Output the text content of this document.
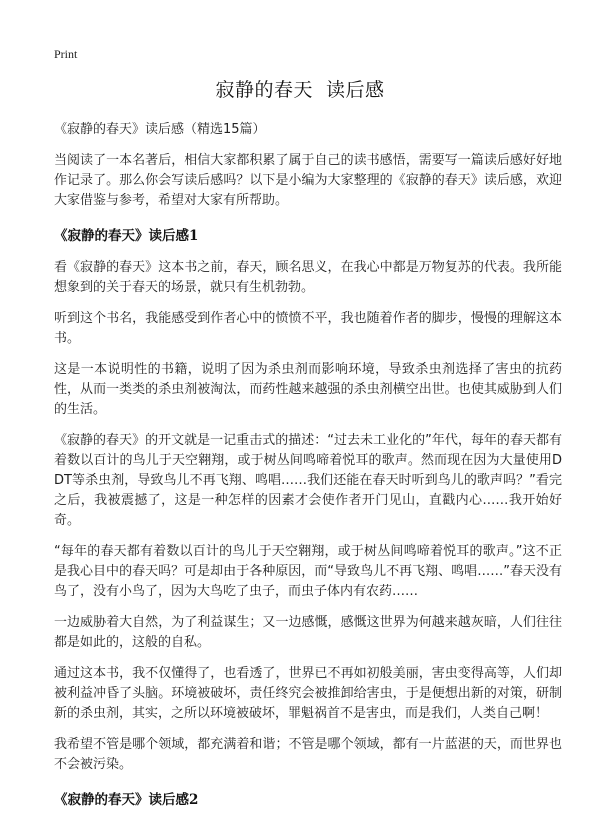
Print
寂静的春天  读后感
《寂静的春天》读后感（精选15篇）

当阅读了一本名著后，相信大家都积累了属于自己的读书感悟，需要写一篇读后感好好地作记录了。那么你会写读后感吗？以下是小编为大家整理的《寂静的春天》读后感，欢迎大家借鉴与参考，希望对大家有所帮助。

《寂静的春天》读后感1

看《寂静的春天》这本书之前，春天，顾名思义，在我心中都是万物复苏的代表。我所能想象到的关于春天的场景，就只有生机勃勃。

听到这个书名，我能感受到作者心中的愤愤不平，我也随着作者的脚步，慢慢的理解这本书。

这是一本说明性的书籍，说明了因为杀虫剂而影响环境，导致杀虫剂选择了害虫的抗药性，从而一类类的杀虫剂被淘汰，而药性越来越强的杀虫剂横空出世。也使其威胁到人们的生活。

《寂静的春天》的开文就是一记重击式的描述：“过去未工业化的”年代，每年的春天都有着数以百计的鸟儿于天空翱翔，或于树丛间鸣啼着悦耳的歌声。然而现在因为大量使用DDT等杀虫剂，导致鸟儿不再飞翔、鸣唱……我们还能在春天时听到鸟儿的歌声吗？”看完之后，我被震撼了，这是一种怎样的因素才会使作者开门见山，直戳内心……我开始好奇。

“每年的春天都有着数以百计的鸟儿于天空翱翔，或于树丛间鸣啼着悦耳的歌声。”这不正是我心目中的春天吗？可是却由于各种原因，而“导致鸟儿不再飞翔、鸣唱……”春天没有鸟了，没有小鸟了，因为大鸟吃了虫子，而虫子体内有农药……

一边威胁着大自然，为了利益谋生；又一边感慨，感慨这世界为何越来越灰暗，人们往往都是如此的，这般的自私。

通过这本书，我不仅懂得了，也看透了，世界已不再如初般美丽，害虫变得高等，人们却被利益冲昏了头脑。环境被破坏，责任终究会被推卸给害虫，于是便想出新的对策，研制新的杀虫剂，其实，之所以环境被破坏，罪魁祸首不是害虫，而是我们，人类自己啊！

我希望不管是哪个领域，都充满着和谐；不管是哪个领域，都有一片蓝湛的天，而世界也不会被污染。

《寂静的春天》读后感2
